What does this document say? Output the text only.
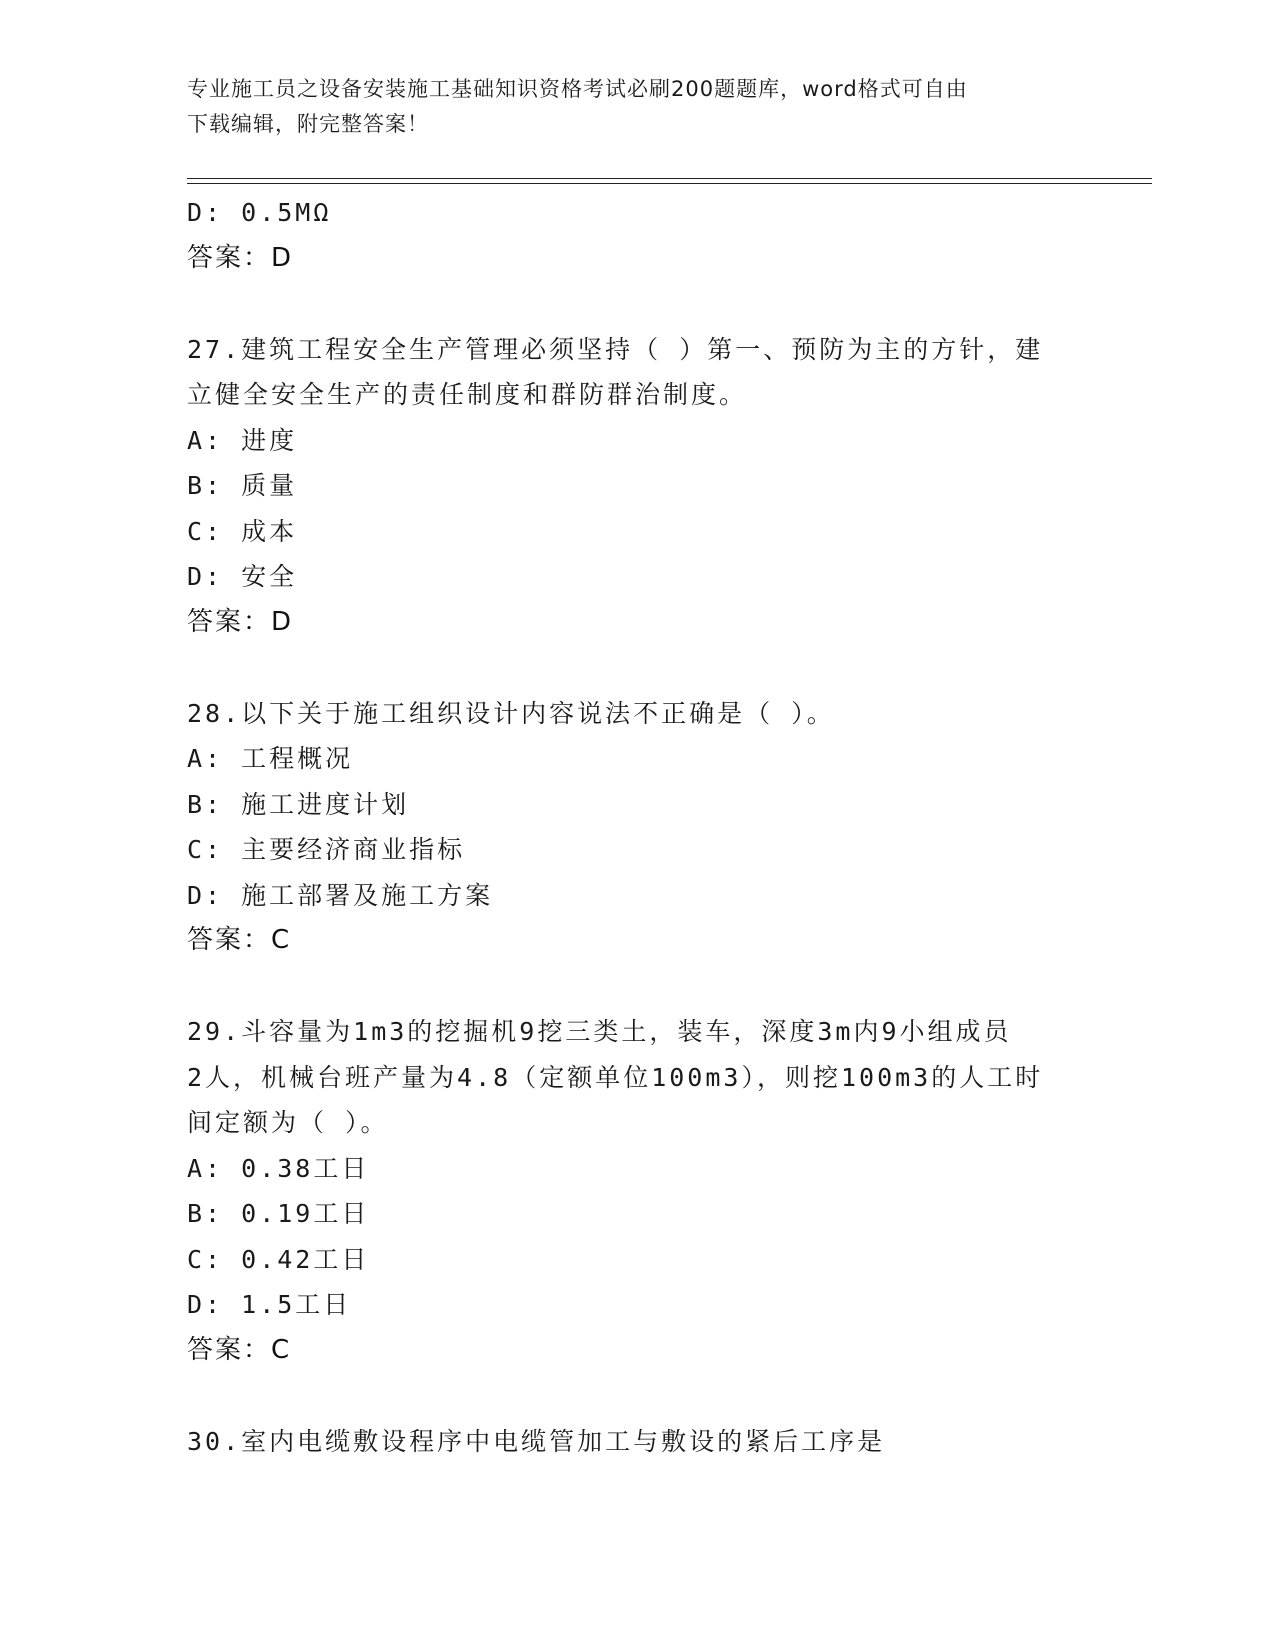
专业施工员之设备安装施工基础知识资格考试必刷200题题库，word格式可自由
下载编辑，附完整答案！
D: 0.5MΩ
答案：D
27.建筑工程安全生产管理必须坚持（ ）第一、预防为主的方针，建
立健全安全生产的责任制度和群防群治制度。
A: 进度
B: 质量
C: 成本
D: 安全
答案：D
28.以下关于施工组织设计内容说法不正确是（ ）。
A: 工程概况
B: 施工进度计划
C: 主要经济商业指标
D: 施工部署及施工方案
答案：C
29.斗容量为1m3的挖掘机9挖三类土，装车，深度3m内9小组成员
2人，机械台班产量为4.8（定额单位100m3），则挖100m3的人工时
间定额为（ ）。
A: 0.38工日
B: 0.19工日
C: 0.42工日
D: 1.5工日
答案：C
30.室内电缆敷设程序中电缆管加工与敷设的紧后工序是
